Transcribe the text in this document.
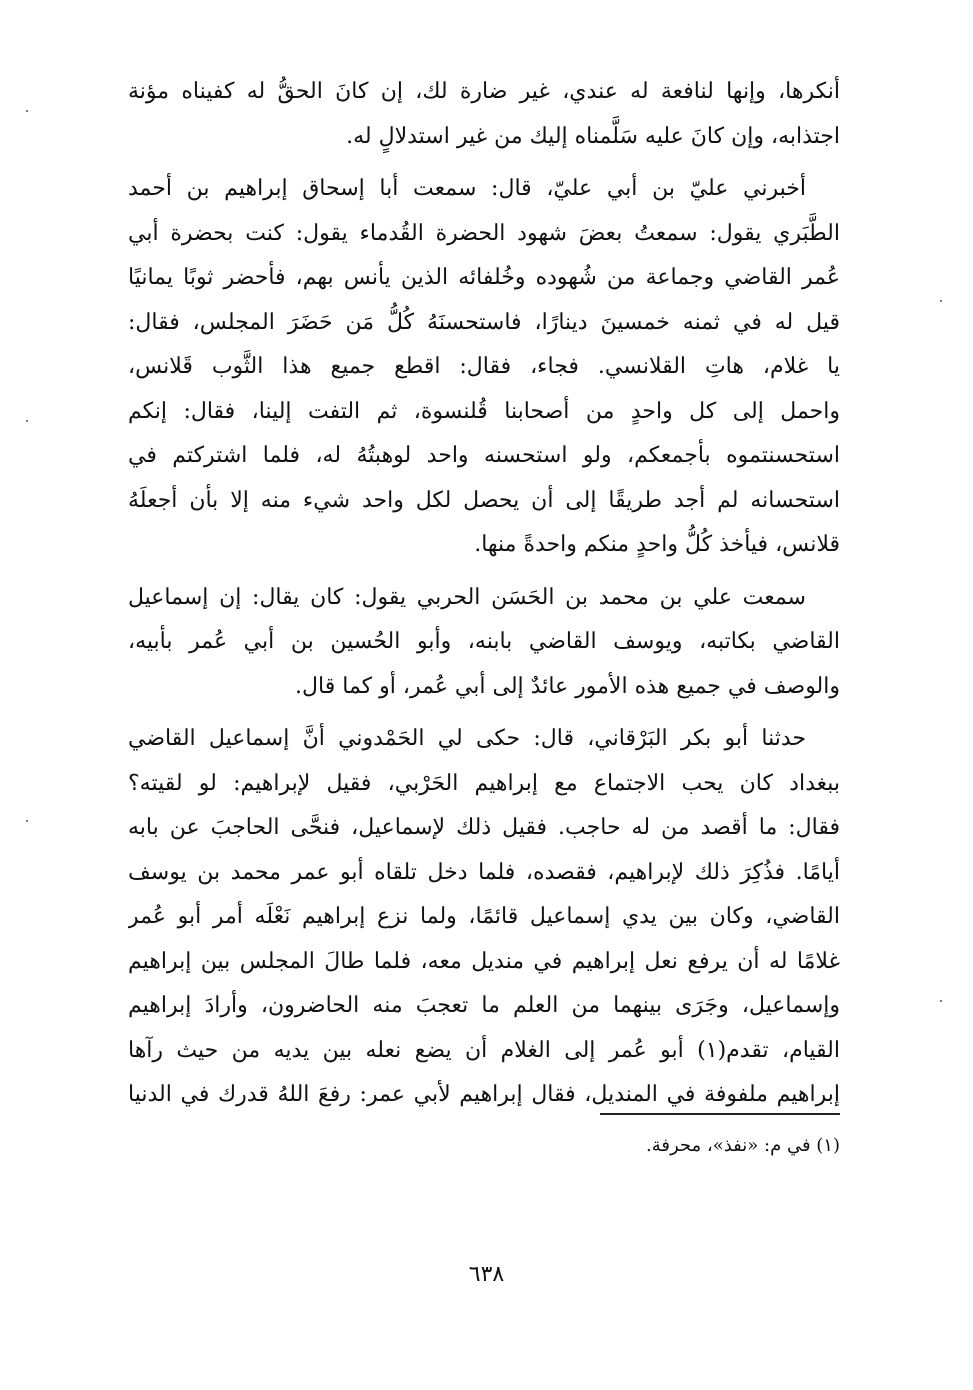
أنكرها، وإنها لنافعة له عندي، غير ضارة لك، إن كانَ الحقُّ له كفيناه مؤنة
اجتذابه، وإن كانَ عليه سَلَّمناه إليك من غير استدلالٍ له.

أخبرني عليّ بن أبي عليّ، قال: سمعت أبا إسحاق إبراهيم بن أحمد
الطَّبَري يقول: سمعتُ بعضَ شهود الحضرة القُدماء يقول: كنت بحضرة أبي
عُمر القاضي وجماعة من شُهوده وخُلفائه الذين يأنس بهم، فأحضر ثوبًا يمانيًا
قيل له في ثمنه خمسينَ دينارًا، فاستحسنَهُ كُلُّ مَن حَضَرَ المجلس، فقال:
يا غلام، هاتِ القلانسي. فجاء، فقال: اقطع جميع هذا الثَّوب قَلانس،
واحمل إلى كل واحدٍ من أصحابنا قُلنسوة، ثم التفت إلينا، فقال: إنكم
استحسنتموه بأجمعكم، ولو استحسنه واحد لوهبتُهُ له، فلما اشتركتم في
استحسانه لم أجد طريقًا إلى أن يحصل لكل واحد شيء منه إلا بأن أجعلَهُ
قلانس، فيأخذ كُلُّ واحدٍ منكم واحدةً منها.

سمعت علي بن محمد بن الحَسَن الحربي يقول: كان يقال: إن إسماعيل
القاضي بكاتبه، ويوسف القاضي بابنه، وأبو الحُسين بن أبي عُمر بأبيه،
والوصف في جميع هذه الأمور عائدٌ إلى أبي عُمر، أو كما قال.

حدثنا أبو بكر البَرْقاني، قال: حكى لي الحَمْدوني أنَّ إسماعيل القاضي
ببغداد كان يحب الاجتماع مع إبراهيم الحَرْبي، فقيل لإبراهيم: لو لقيته؟
فقال: ما أقصد من له حاجب. فقيل ذلك لإسماعيل، فنحَّى الحاجبَ عن بابه
أيامًا. فذُكِرَ ذلك لإبراهيم، فقصده، فلما دخل تلقاه أبو عمر محمد بن يوسف
القاضي، وكان بين يدي إسماعيل قائمًا، ولما نزع إبراهيم نَعْلَه أمر أبو عُمر
غلامًا له أن يرفع نعل إبراهيم في منديل معه، فلما طالَ المجلس بين إبراهيم
وإسماعيل، وجَرَى بينهما من العلم ما تعجبَ منه الحاضرون، وأرادَ إبراهيم
القيام، تقدم(١) أبو عُمر إلى الغلام أن يضع نعله بين يديه من حيث رآها
إبراهيم ملفوفة في المنديل، فقال إبراهيم لأبي عمر: رفعَ اللهُ قدرك في الدنيا

(١) في م: «نفذ»، محرفة.
٦٣٨
